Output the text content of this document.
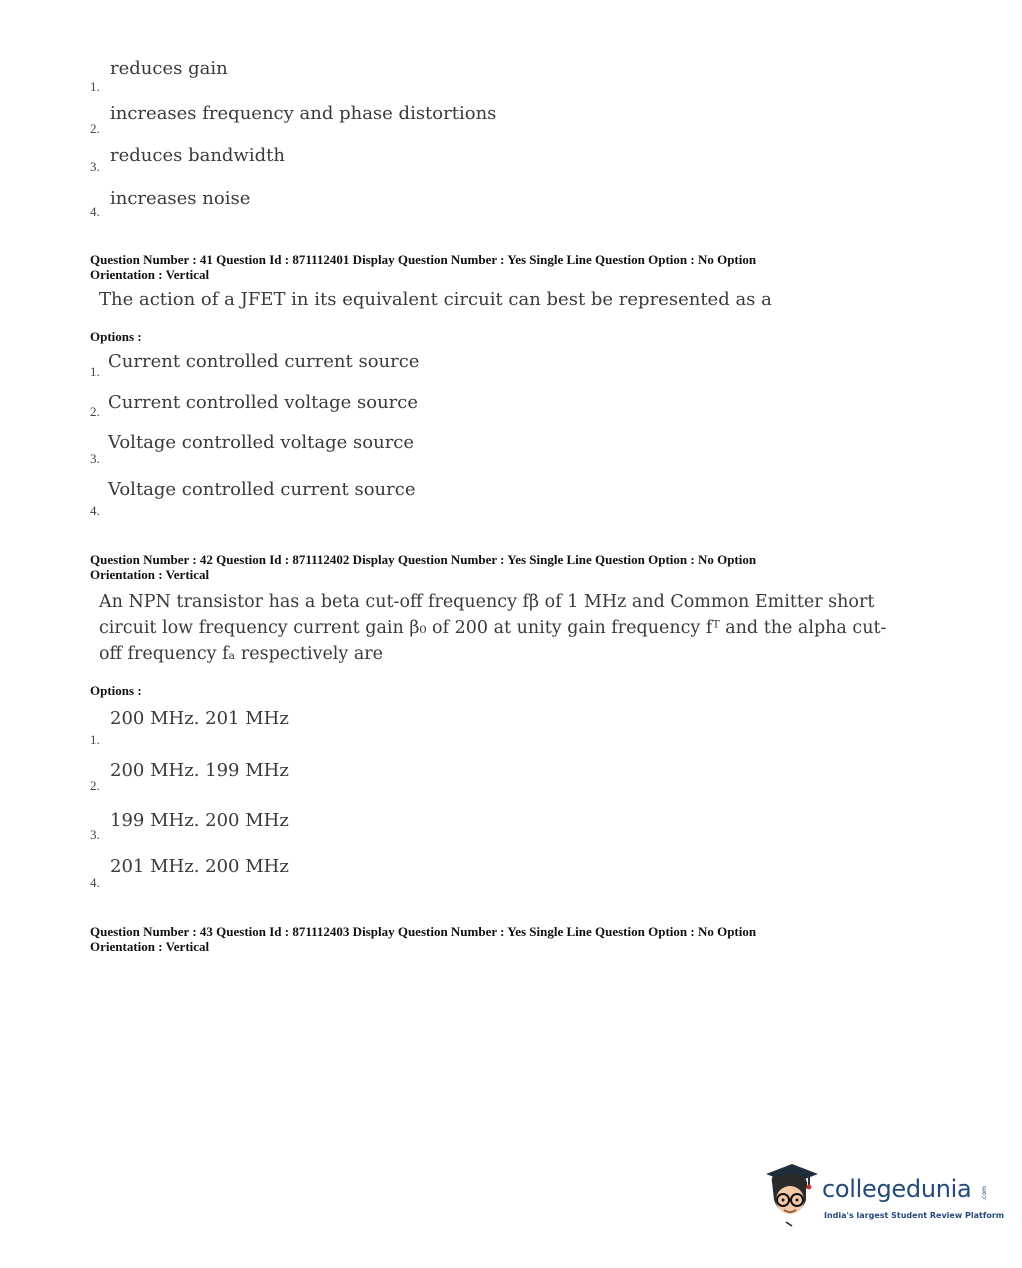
reduces gain
1.
increases frequency and phase distortions
2.
reduces bandwidth
3.
increases noise
4.
Question Number : 41 Question Id : 871112401 Display Question Number : Yes Single Line Question Option : No Option
Orientation : Vertical
The action of a JFET in its equivalent circuit can best be represented as a
Options :
Current controlled current source
1.
Current controlled voltage source
2.
Voltage controlled voltage source
3.
Voltage controlled current source
4.
Question Number : 42 Question Id : 871112402 Display Question Number : Yes Single Line Question Option : No Option
Orientation : Vertical
An NPN transistor has a beta cut-off frequency fβ of 1 MHz and Common Emitter short
circuit low frequency current gain β₀ of 200 at unity gain frequency fᵀ and the alpha cut-
off frequency fₐ respectively are
Options :
200 MHz. 201 MHz
1.
200 MHz. 199 MHz
2.
199 MHz. 200 MHz
3.
201 MHz. 200 MHz
4.
Question Number : 43 Question Id : 871112403 Display Question Number : Yes Single Line Question Option : No Option
Orientation : Vertical
collegedunia .com
India's largest Student Review Platform
